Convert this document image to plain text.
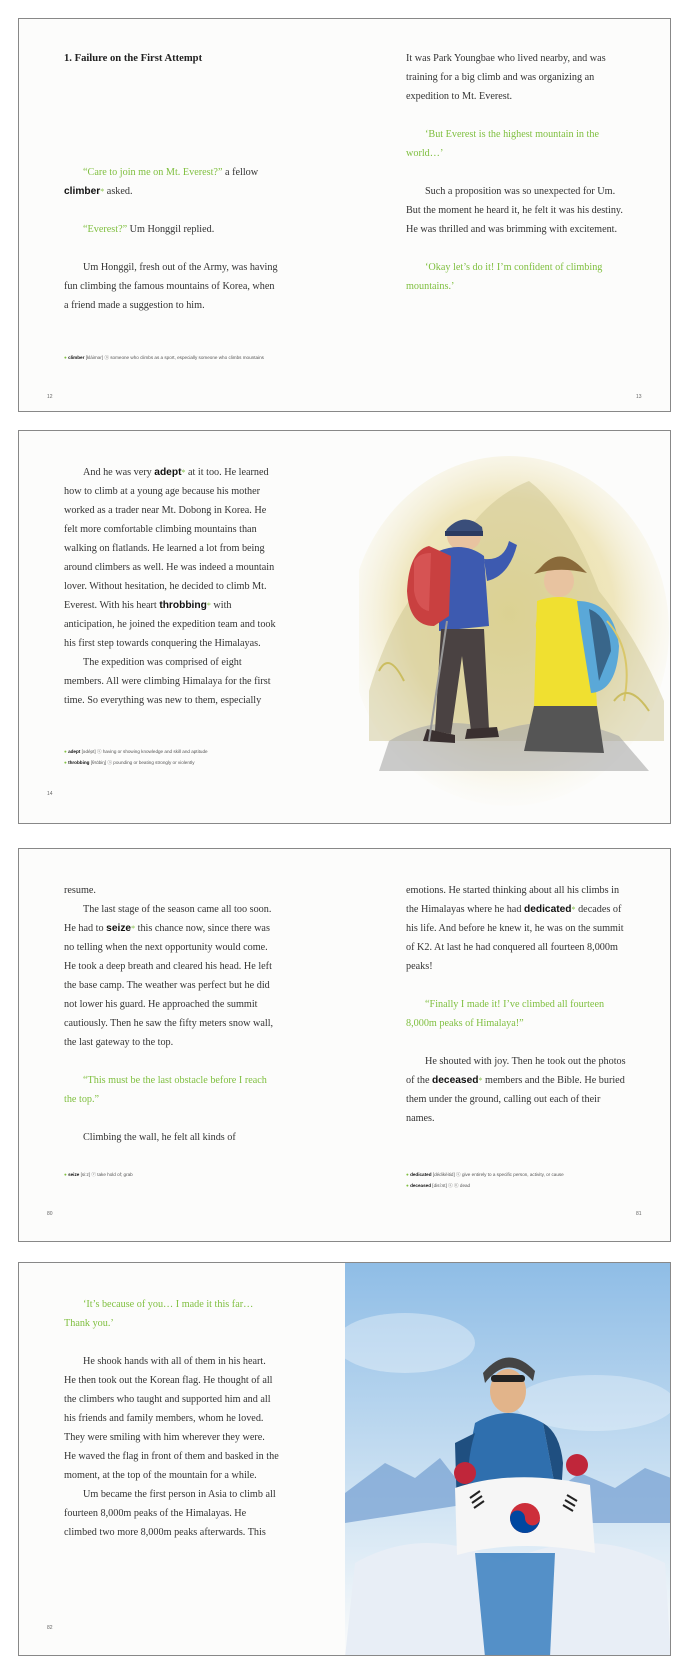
1. Failure on the First Attempt

“Care to join me on Mt. Everest?” a fellow climber* asked.

“Everest?” Um Honggil replied.

Um Honggil, fresh out of the Army, was having fun climbing the famous mountains of Korea, when a friend made a suggestion to him.

● climber [kláimər] ⓝ someone who climbs as a sport, especially someone who climbs mountains
12

It was Park Youngbae who lived nearby, and was training for a big climb and was organizing an expedition to Mt. Everest.

‘But Everest is the highest mountain in the world…’

Such a proposition was so unexpected for Um. But the moment he heard it, he felt it was his destiny. He was thrilled and was brimming with excitement.

‘Okay let’s do it! I’m confident of climbing mountains.’

13

And he was very adept* at it too. He learned how to climb at a young age because his mother worked as a trader near Mt. Dobong in Korea. He felt more comfortable climbing mountains than walking on flatlands. He learned a lot from being around climbers as well. He was indeed a mountain lover. Without hesitation, he decided to climb Mt. Everest. With his heart throbbing* with anticipation, he joined the expedition team and took his first step towards conquering the Himalayas.

The expedition was comprised of eight members. All were climbing Himalaya for the first time. So everything was new to them, especially

● adept [ədépt] ⓐ having or showing knowledge and skill and aptitude
● throbbing [θrɑ́biŋ] ⓐ pounding or beating strongly or violently
14

resume.

The last stage of the season came all too soon. He had to seize* this chance now, since there was no telling when the next opportunity would come. He took a deep breath and cleared his head. He left the base camp. The weather was perfect but he did not lower his guard. He approached the summit cautiously. Then he saw the fifty meters snow wall, the last gateway to the top.

“This must be the last obstacle before I reach the top.”

Climbing the wall, he felt all kinds of

● seize [si:z] ⓥ take hold of; grab
80

emotions. He started thinking about all his climbs in the Himalayas where he had dedicated* decades of his life. And before he knew it, he was on the summit of K2. At last he had conquered all fourteen 8,000m peaks!

“Finally I made it! I’ve climbed all fourteen 8,000m peaks of Himalaya!”

He shouted with joy. Then he took out the photos of the deceased* members and the Bible. He buried them under the ground, calling out each of their names.

● dedicated [dédikèitid] ⓐ give entirely to a specific person, activity, or cause
● deceased [disí:st] ⓐ ⓝ dead
81

‘It’s because of you… I made it this far… Thank you.’

He shook hands with all of them in his heart. He then took out the Korean flag. He thought of all the climbers who taught and supported him and all his friends and family members, whom he loved. They were smiling with him wherever they were. He waved the flag in front of them and basked in the moment, at the top of the mountain for a while.

Um became the first person in Asia to climb all fourteen 8,000m peaks of the Himalayas. He climbed two more 8,000m peaks afterwards. This

82
